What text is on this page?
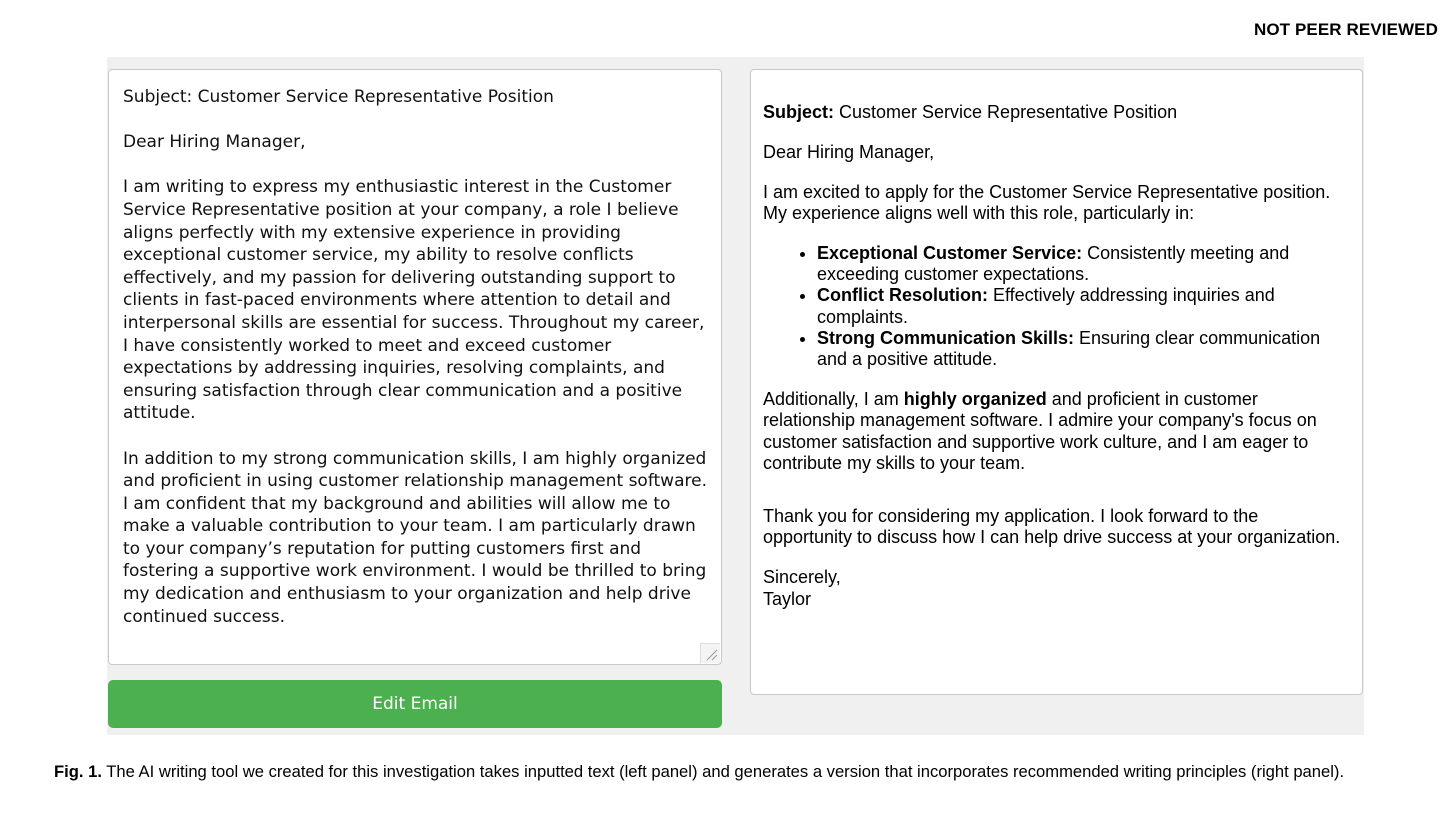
NOT PEER REVIEWED

Subject: Customer Service Representative Position

Dear Hiring Manager,

I am writing to express my enthusiastic interest in the Customer Service Representative position at your company, a role I believe aligns perfectly with my extensive experience in providing exceptional customer service, my ability to resolve conflicts effectively, and my passion for delivering outstanding support to clients in fast-paced environments where attention to detail and interpersonal skills are essential for success. Throughout my career, I have consistently worked to meet and exceed customer expectations by addressing inquiries, resolving complaints, and ensuring satisfaction through clear communication and a positive attitude.

In addition to my strong communication skills, I am highly organized and proficient in using customer relationship management software. I am confident that my background and abilities will allow me to make a valuable contribution to your team. I am particularly drawn to your company’s reputation for putting customers first and fostering a supportive work environment. I would be thrilled to bring my dedication and enthusiasm to your organization and help drive continued success.

Edit Email

Subject: Customer Service Representative Position

Dear Hiring Manager,

I am excited to apply for the Customer Service Representative position. My experience aligns well with this role, particularly in:

• Exceptional Customer Service: Consistently meeting and exceeding customer expectations.
• Conflict Resolution: Effectively addressing inquiries and complaints.
• Strong Communication Skills: Ensuring clear communication and a positive attitude.

Additionally, I am highly organized and proficient in customer relationship management software. I admire your company's focus on customer satisfaction and supportive work culture, and I am eager to contribute my skills to your team.

Thank you for considering my application. I look forward to the opportunity to discuss how I can help drive success at your organization.

Sincerely,
Taylor

Fig. 1. The AI writing tool we created for this investigation takes inputted text (left panel) and generates a version that incorporates recommended writing principles (right panel).
